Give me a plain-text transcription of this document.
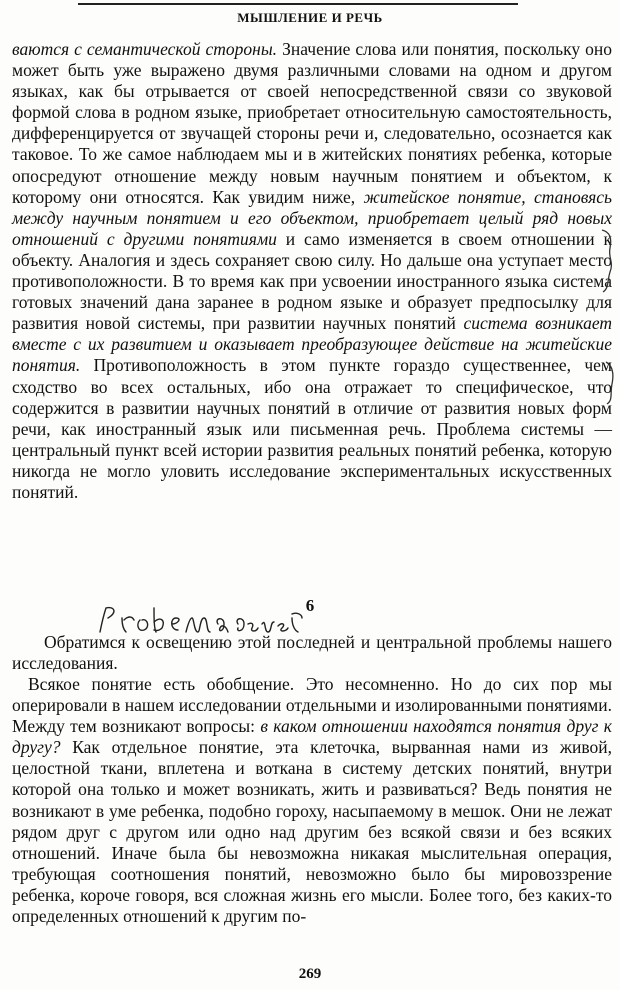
МЫШЛЕНИЕ И РЕЧЬ

ваются с семантической стороны. Значение слова или понятия, поскольку оно может быть уже выражено двумя различными словами на одном и другом языках, как бы отрывается от своей непосредственной связи со звуковой формой слова в родном языке, приобретает относительную самостоятельность, дифференцируется от звучащей стороны речи и, следовательно, осознается как таковое. То же самое наблюдаем мы и в житейских понятиях ребенка, которые опосредуют отношение между новым научным понятием и объектом, к которому они относятся. Как увидим ниже, житейское понятие, становясь между научным понятием и его объектом, приобретает целый ряд новых отношений с другими понятиями и само изменяется в своем отношении к объекту. Аналогия и здесь сохраняет свою силу. Но дальше она уступает место противоположности. В то время как при усвоении иностранного языка система готовых значений дана заранее в родном языке и образует предпосылку для развития новой системы, при развитии научных понятий система возникает вместе с их развитием и оказывает преобразующее действие на житейские понятия. Противоположность в этом пункте гораздо существеннее, чем сходство во всех остальных, ибо она отражает то специфическое, что содержится в развитии научных понятий в отличие от развития новых форм речи, как иностранный язык или письменная речь. Проблема системы — центральный пункт всей истории развития реальных понятий ребенка, которую никогда не могло уловить исследование экспериментальных искусственных понятий.

6

Обратимся к освещению этой последней и центральной проблемы нашего исследования.

Всякое понятие есть обобщение. Это несомненно. Но до сих пор мы оперировали в нашем исследовании отдельными и изолированными понятиями. Между тем возникают вопросы: в каком отношении находятся понятия друг к другу? Как отдельное понятие, эта клеточка, вырванная нами из живой, целостной ткани, вплетена и воткана в систему детских понятий, внутри которой она только и может возникать, жить и развиваться? Ведь понятия не возникают в уме ребенка, подобно гороху, насыпаемому в мешок. Они не лежат рядом друг с другом или одно над другим без всякой связи и без всяких отношений. Иначе была бы невозможна никакая мыслительная операция, требующая соотношения понятий, невозможно было бы мировоззрение ребенка, короче говоря, вся сложная жизнь его мысли. Более того, без каких-то определенных отношений к другим по-

269
